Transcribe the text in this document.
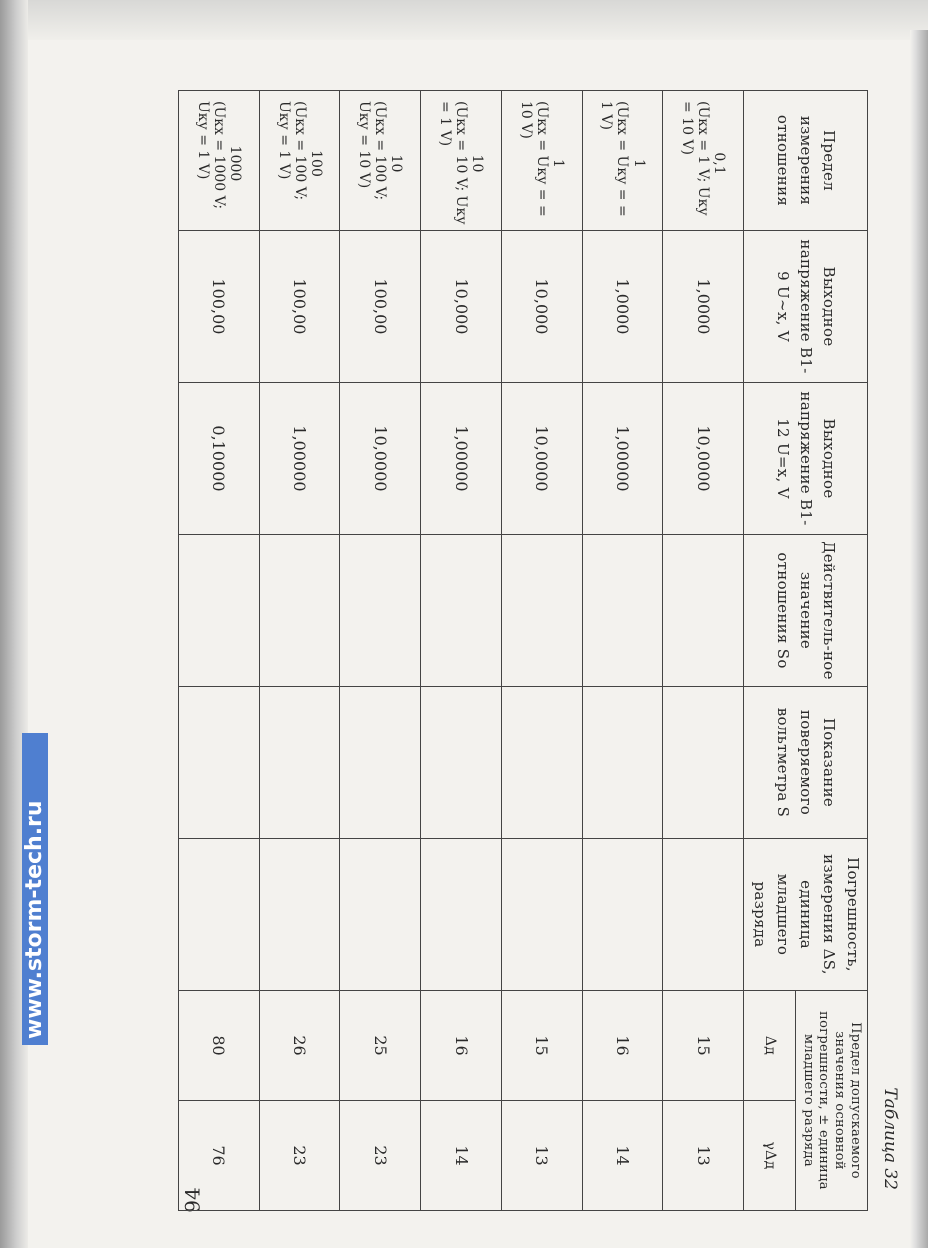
www.storm-tech.ru
94
Таблица 32
Предел измерения отношения	Выходное напряжение В1-9 U~x, V	Выходное напряжение В1-12 U=x, V	Действитель-ное значение отношения So	Показание поверяемого вольтметра S	Погрешность, измерения ΔS, единица младшего разряда	Предел допускаемого значения основной погрешности, ± единица младшего разряда	
						Δд	γΔд

0,1
(Uкх = 1 V; Uку = 10 V)	1,0000	10,0000				15	13

1
(Uкх = Uку = = 1 V)	1,0000	1,00000				16	14

1
(Uкх = Uку = = 10 V)	10,000	10,0000				15	13

10
(Uкх = 10 V; Uку = 1 V)	10,000	1,00000				16	14

10
(Uкх = 100 V; Uку = 10 V)	100,00	10,0000				25	23

100
(Uкх = 100 V; Uку = 1 V)	100,00	1,00000				26	23

1000
(Uкх = 1000 V; Uку = 1 V)	100,00	0,10000				80	76
